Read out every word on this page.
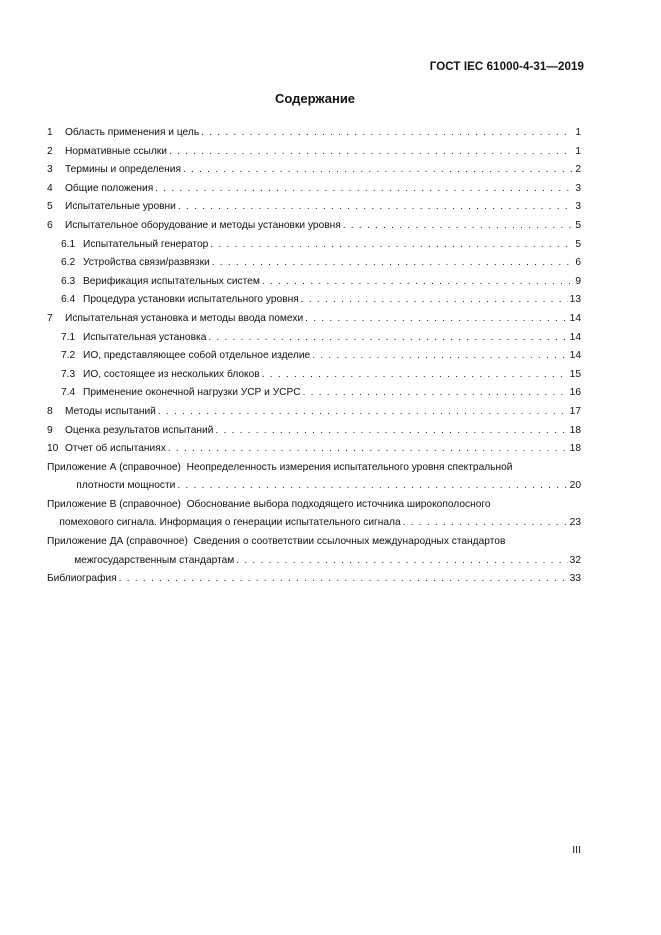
ГОСТ IEC 61000-4-31—2019
Содержание
1	Область применения и цель . . .	1
2	Нормативные ссылки . . .	1
3	Термины и определения . . .	2
4	Общие положения . . .	3
5	Испытательные уровни . . .	3
6	Испытательное оборудование и методы установки уровня . . .	5
6.1 Испытательный генератор . . .	5
6.2 Устройства связи/развязки . . .	6
6.3 Верификация испытательных систем . . .	9
6.4 Процедура установки испытательного уровня . . .	13
7	Испытательная установка и методы ввода помехи . . .	14
7.1 Испытательная установка . . .	14
7.2 ИО, представляющее собой отдельное изделие . . .	14
7.3 ИО, состоящее из нескольких блоков . . .	15
7.4 Применение оконечной нагрузки УСР и УСРС . . .	16
8	Методы испытаний . . .	17
9	Оценка результатов испытаний . . .	18
10 Отчет об испытаниях . . .	18
Приложение А (справочное) Неопределенность измерения испытательного уровня спектральной
плотности мощности . . .	20
Приложение В (справочное) Обоснование выбора подходящего источника широкополосного
помехового сигнала. Информация о генерации испытательного сигнала . . .	23
Приложение ДА (справочное) Сведения о соответствии ссылочных международных стандартов
межгосударственным стандартам . . .	32
Библиография . . .	33
III
